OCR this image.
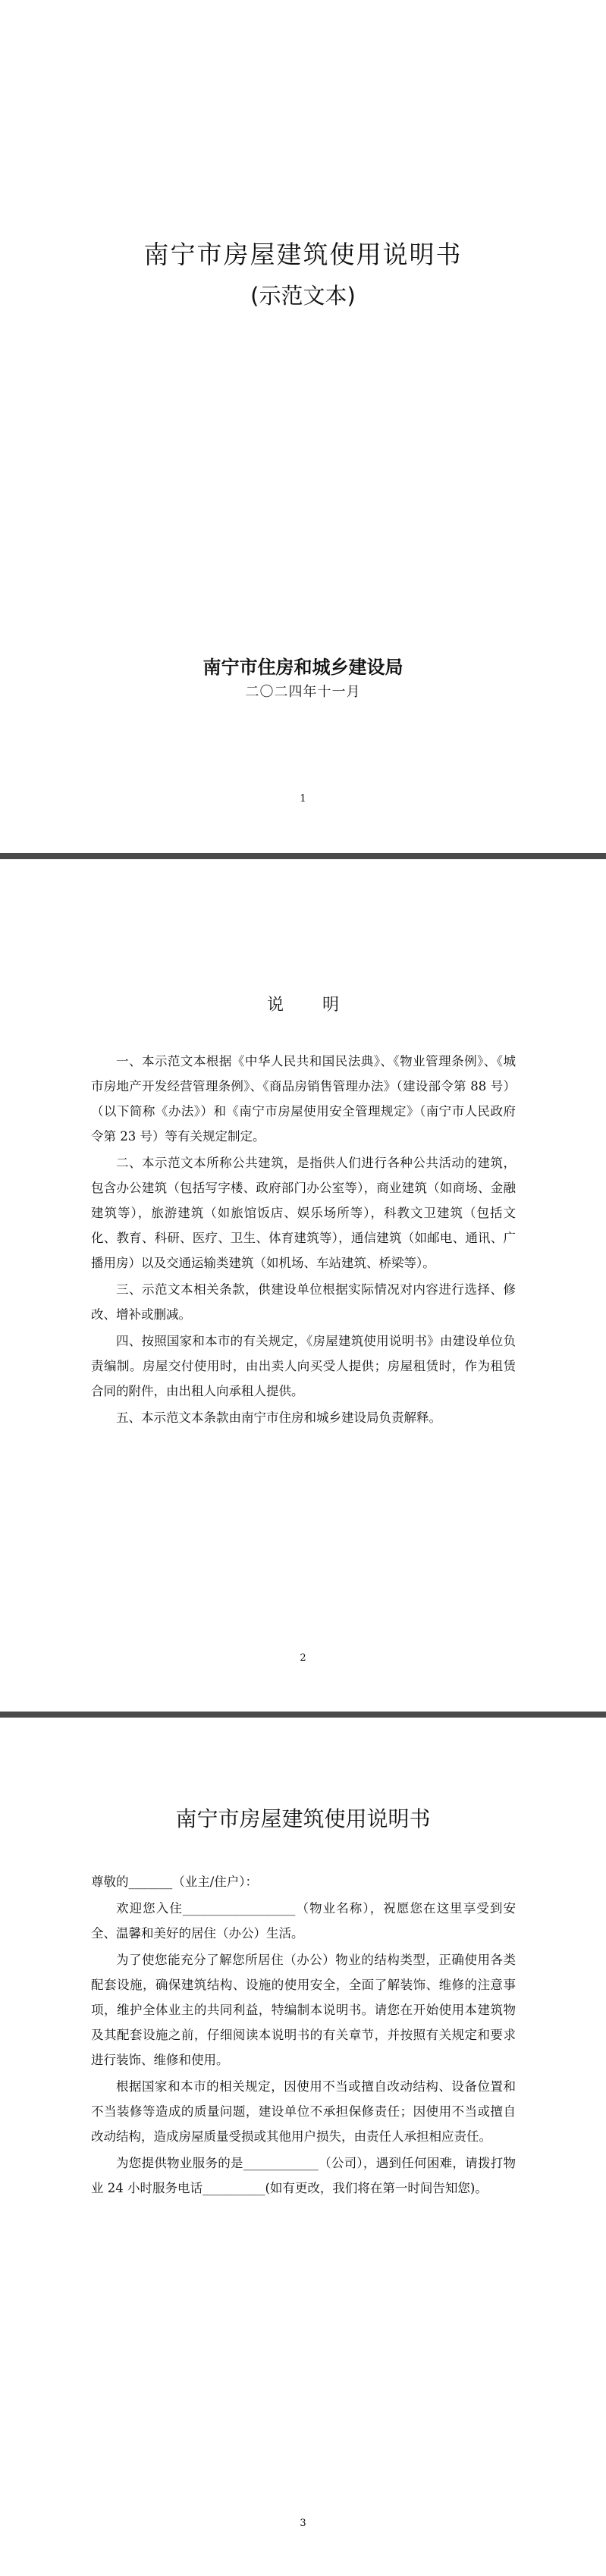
南宁市房屋建筑使用说明书
(示范文本)
南宁市住房和城乡建设局
二〇二四年十一月
1
说 明

一、本示范文本根据《中华人民共和国民法典》、《物业管理条例》、《城市房地产开发经营管理条例》、《商品房销售管理办法》（建设部令第 88 号）（以下简称《办法》）和《南宁市房屋使用安全管理规定》（南宁市人民政府令第 23 号）等有关规定制定。

二、本示范文本所称公共建筑，是指供人们进行各种公共活动的建筑，包含办公建筑（包括写字楼、政府部门办公室等），商业建筑（如商场、金融建筑等），旅游建筑（如旅馆饭店、娱乐场所等），科教文卫建筑（包括文化、教育、科研、医疗、卫生、体育建筑等），通信建筑（如邮电、通讯、广播用房）以及交通运输类建筑（如机场、车站建筑、桥梁等）。

三、示范文本相关条款，供建设单位根据实际情况对内容进行选择、修改、增补或删减。

四、按照国家和本市的有关规定，《房屋建筑使用说明书》由建设单位负责编制。房屋交付使用时，由出卖人向买受人提供；房屋租赁时，作为租赁合同的附件，由出租人向承租人提供。

五、本示范文本条款由南宁市住房和城乡建设局负责解释。

2
南宁市房屋建筑使用说明书

尊敬的_______（业主/住户）：

欢迎您入住__________________（物业名称），祝愿您在这里享受到安全、温馨和美好的居住（办公）生活。

为了使您能充分了解您所居住（办公）物业的结构类型，正确使用各类配套设施，确保建筑结构、设施的使用安全，全面了解装饰、维修的注意事项，维护全体业主的共同利益，特编制本说明书。请您在开始使用本建筑物及其配套设施之前，仔细阅读本说明书的有关章节，并按照有关规定和要求进行装饰、维修和使用。

根据国家和本市的相关规定，因使用不当或擅自改动结构、设备位置和不当装修等造成的质量问题，建设单位不承担保修责任；因使用不当或擅自改动结构，造成房屋质量受损或其他用户损失，由责任人承担相应责任。

为您提供物业服务的是____________（公司），遇到任何困难，请拨打物业 24 小时服务电话__________(如有更改，我们将在第一时间告知您)。

3
